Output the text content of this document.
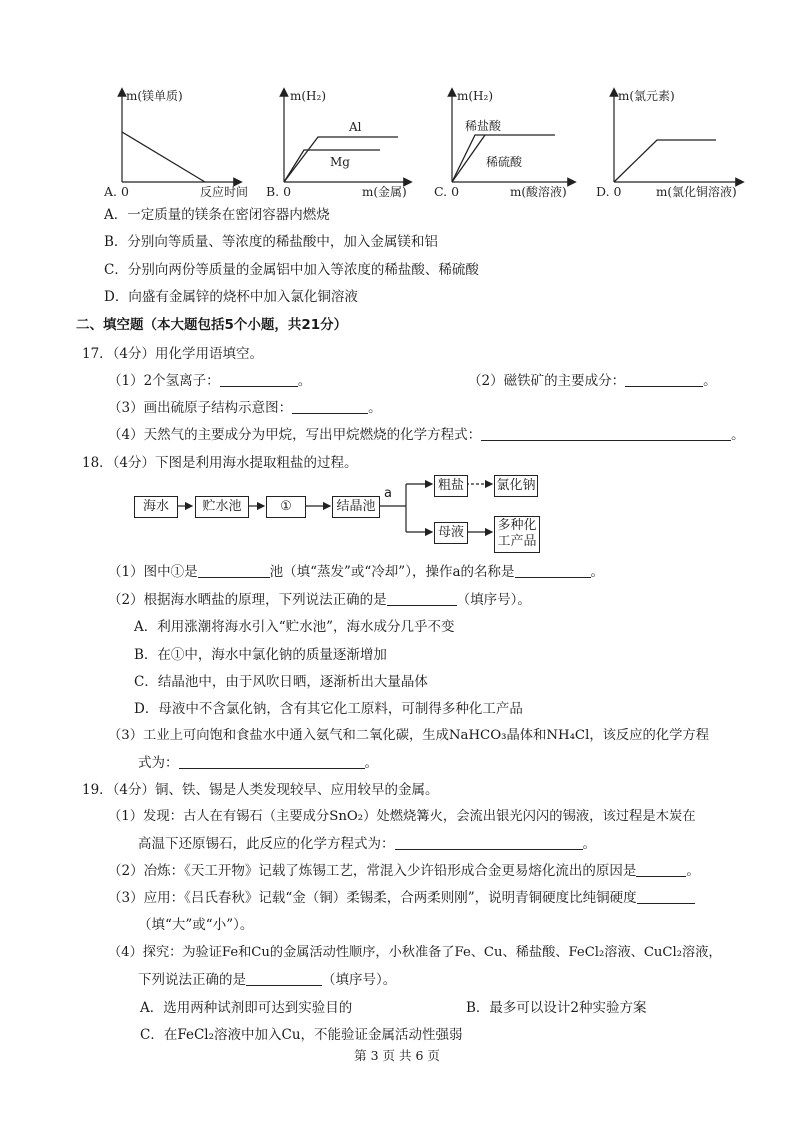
m(镁单质)
A. 0	反应时间
m(H₂)
Al
Mg
B. 0	m(金属)
m(H₂)
稀盐酸
稀硫酸
C. 0	m(酸溶液)
m(氯元素)
D. 0	m(氯化铜溶液)
A．一定质量的镁条在密闭容器内燃烧
B．分别向等质量、等浓度的稀盐酸中，加入金属镁和铝
C．分别向两份等质量的金属铝中加入等浓度的稀盐酸、稀硫酸
D．向盛有金属锌的烧杯中加入氯化铜溶液
二、填空题（本大题包括5个小题，共21分）
17．（4分）用化学用语填空。
（1）2个氢离子：	。	（2）磁铁矿的主要成分：	。
（3）画出硫原子结构示意图：	。
（4）天然气的主要成分为甲烷，写出甲烷燃烧的化学方程式：	。
18．（4分）下图是利用海水提取粗盐的过程。
海水	贮水池	①	结晶池
a
粗盐	氯化钠
母液	多种化
工产品
（1）图中①是	池（填“蒸发”或“冷却”），操作a的名称是	。
（2）根据海水晒盐的原理，下列说法正确的是	（填序号）。
A．利用涨潮将海水引入“贮水池”，海水成分几乎不变
B．在①中，海水中氯化钠的质量逐渐增加
C．结晶池中，由于风吹日晒，逐渐析出大量晶体
D．母液中不含氯化钠，含有其它化工原料，可制得多种化工产品
（3）工业上可向饱和食盐水中通入氨气和二氧化碳，生成NaHCO₃晶体和NH₄Cl，该反应的化学方程
式为：	。
19．（4分）铜、铁、锡是人类发现较早、应用较早的金属。
（1）发现：古人在有锡石（主要成分SnO₂）处燃烧篝火，会流出银光闪闪的锡液，该过程是木炭在
高温下还原锡石，此反应的化学方程式为：	。
（2）冶炼：《天工开物》记载了炼锡工艺，常混入少许铅形成合金更易熔化流出的原因是	。
（3）应用：《吕氏春秋》记载“金（铜）柔锡柔，合两柔则刚”，说明青铜硬度比纯铜硬度
（填“大”或“小”）。
（4）探究：为验证Fe和Cu的金属活动性顺序，小秋准备了Fe、Cu、稀盐酸、FeCl₂溶液、CuCl₂溶液，
下列说法正确的是	（填序号）。
A．选用两种试剂即可达到实验目的	B．最多可以设计2种实验方案
C．在FeCl₂溶液中加入Cu，不能验证金属活动性强弱
第 3 页 共 6 页
